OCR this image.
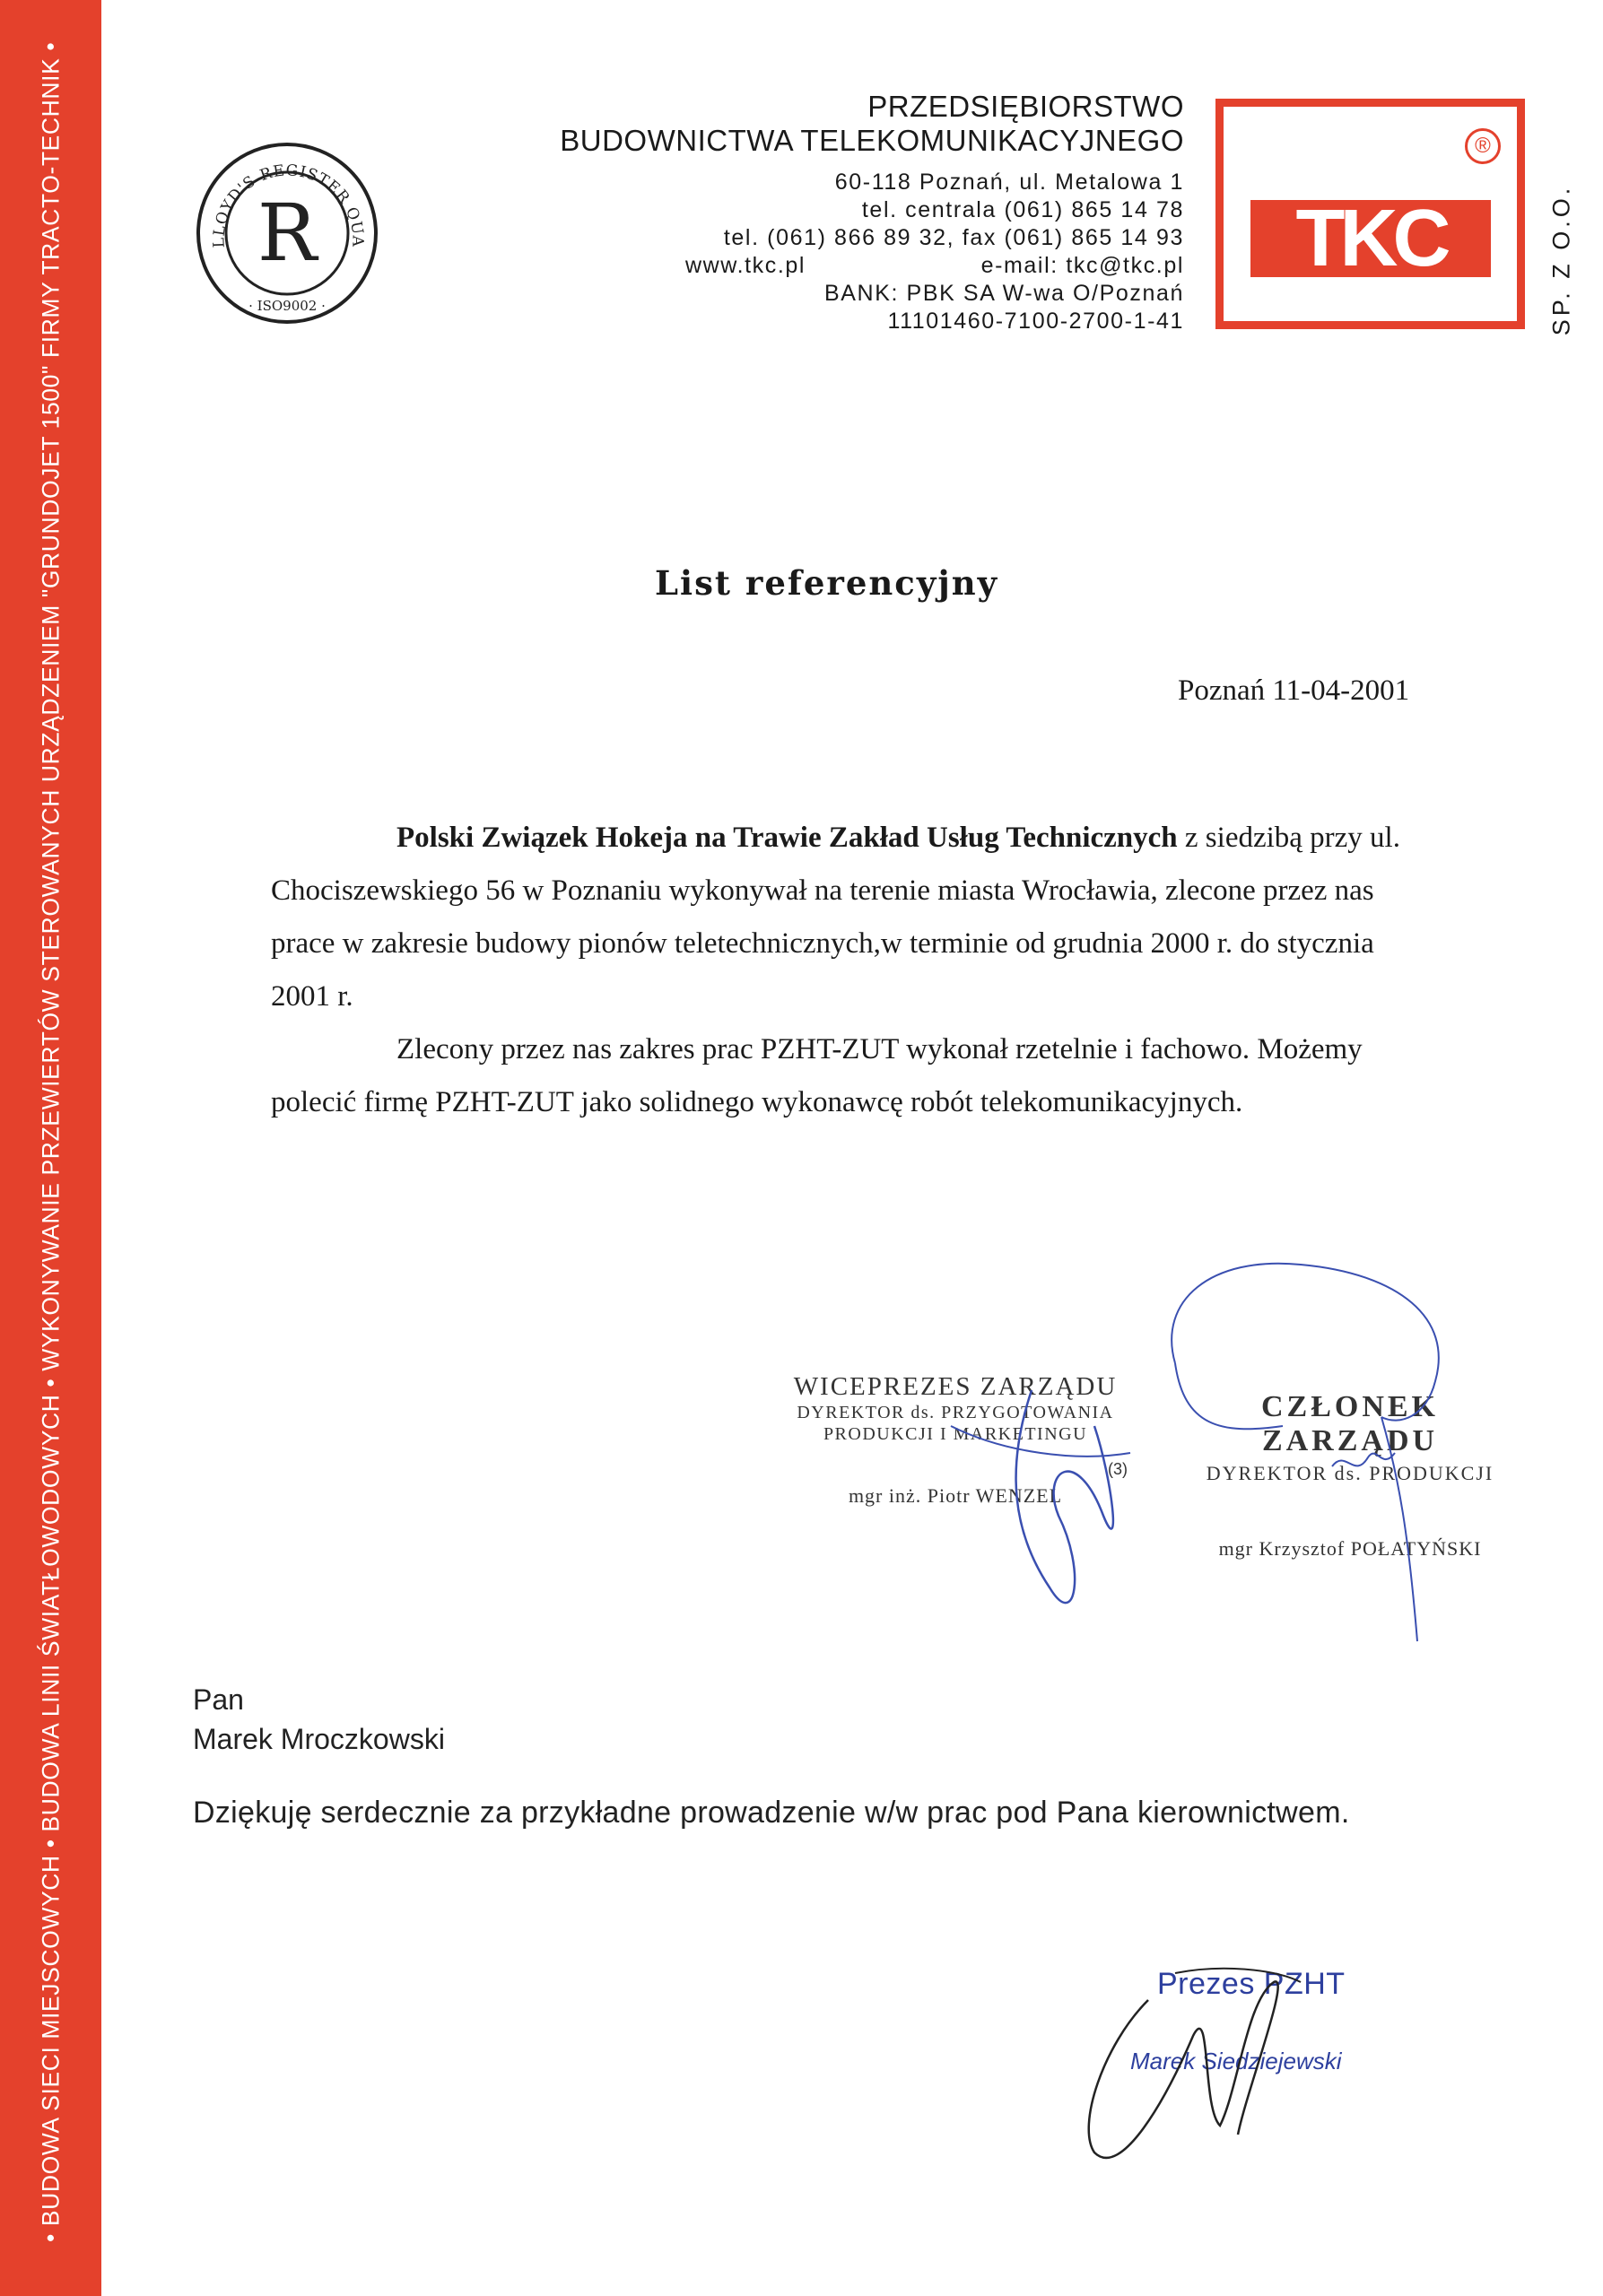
• BUDOWA SIECI MIEJSCOWYCH • BUDOWA LINII ŚWIATŁOWODOWYCH • WYKONYWANIE PRZEWIERTÓW STEROWANYCH URZĄDZENIEM "GRUNDOJET 1500" FIRMY TRACTO-TECHNIK •	LLOYD'S REGISTER QUA
R
· ISO9002 ·
PRZEDSIĘBIORSTWO
BUDOWNICTWA TELEKOMUNIKACYJNEGO
60-118 Poznań, ul. Metalowa 1
tel. centrala (061) 865 14 78
tel. (061) 866 89 32, fax (061) 865 14 93
www.tkc.pl	e-mail: tkc@tkc.pl
BANK: PBK SA W-wa O/Poznań
11101460-7100-2700-1-41
®
TKC	SP. Z O.O.
List referencyjny
Poznań 11-04-2001
Polski Związek Hokeja na Trawie Zakład Usług Technicznych z siedzibą przy ul. Chociszewskiego 56 w Poznaniu wykonywał na terenie miasta Wrocławia, zlecone przez nas prace w zakresie budowy pionów teletechnicznych,w terminie od grudnia 2000 r. do stycznia 2001 r.
Zlecony przez nas zakres prac PZHT-ZUT wykonał rzetelnie i fachowo. Możemy polecić firmę PZHT-ZUT jako solidnego wykonawcę robót telekomunikacyjnych.
WICEPREZES ZARZĄDU
DYREKTOR ds. PRZYGOTOWANIA
PRODUKCJI I MARKETINGU
mgr inż. Piotr WENZEL
(3)
CZŁONEK ZARZĄDU
DYREKTOR ds. PRODUKCJI
mgr Krzysztof POŁATYŃSKI
Pan
Marek Mroczkowski
Dziękuję serdecznie za przykładne prowadzenie w/w prac pod Pana kierownictwem.
Prezes PZHT
Marek Siedziejewski
